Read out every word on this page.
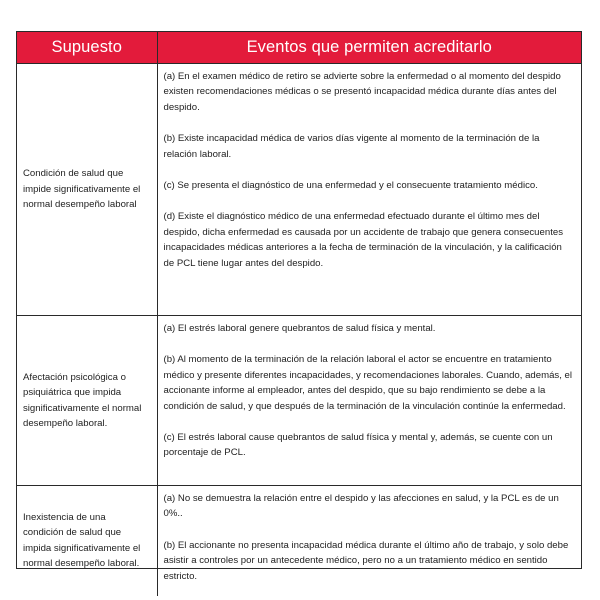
Supuesto	Eventos que permiten acreditarlo
Condición de salud que impide significativamente el normal desempeño laboral	(a) En el examen médico de retiro se advierte sobre la enfermedad o al momento del despido existen recomendaciones médicas o se presentó incapacidad médica durante días antes del despido.

(b) Existe incapacidad médica de varios días vigente al momento de la terminación de la relación laboral.

(c) Se presenta el diagnóstico de una enfermedad y el consecuente tratamiento médico.

(d) Existe el diagnóstico médico de una enfermedad efectuado durante el último mes del despido, dicha enfermedad es causada por un accidente de trabajo que genera consecuentes incapacidades médicas anteriores a la fecha de terminación de la vinculación, y la calificación de PCL tiene lugar antes del despido.

Afectación psicológica o psiquiátrica que impida significativamente el normal desempeño laboral.	(a) El estrés laboral genere quebrantos de salud física y mental.

(b) Al momento de la terminación de la relación laboral el actor se encuentre en tratamiento médico y presente diferentes incapacidades, y recomendaciones laborales. Cuando, además, el accionante informe al empleador, antes del despido, que su bajo rendimiento se debe a la condición de salud, y que después de la terminación de la vinculación continúe la enfermedad.

(c) El estrés laboral cause quebrantos de salud física y mental y, además, se cuente con un porcentaje de PCL.

Inexistencia de una condición de salud que impida significativamente el normal desempeño laboral.	(a) No se demuestra la relación entre el despido y las afecciones en salud, y la PCL es de un 0%..

(b) El accionante no presenta incapacidad médica durante el último año de trabajo, y solo debe asistir a controles por un antecedente médico, pero no a un tratamiento médico en sentido estricto.
